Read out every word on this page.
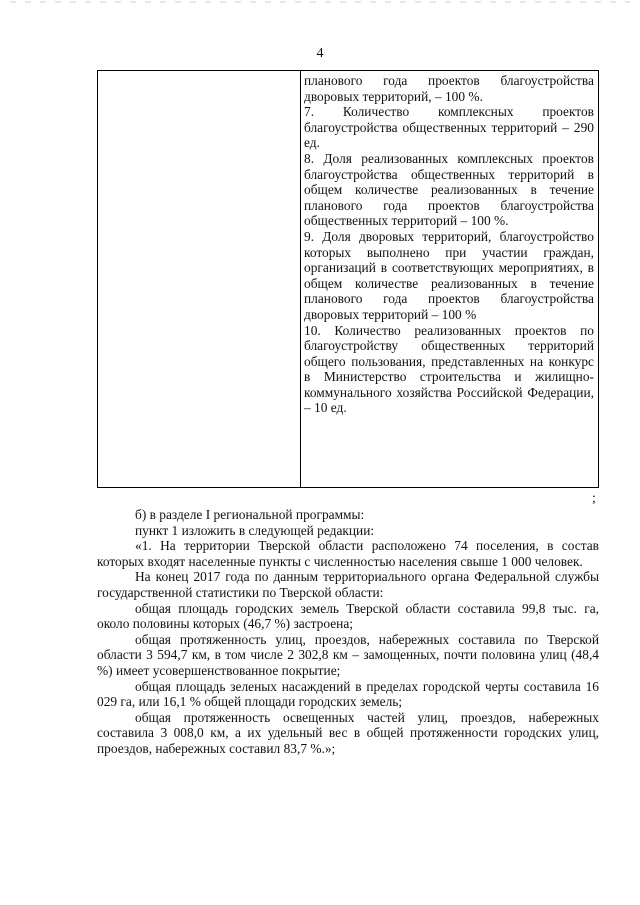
4

планового года проектов благоустройства дворовых территорий, – 100 %.

7. Количество комплексных проектов благоустройства общественных территорий – 290 ед.

8. Доля реализованных комплексных проектов благоустройства общественных территорий в общем количестве реализованных в течение планового года проектов благоустройства общественных территорий – 100 %.

9. Доля дворовых территорий, благоустройство которых выполнено при участии граждан, организаций в соответствующих мероприятиях, в общем количестве реализованных в течение планового года проектов благоустройства дворовых территорий – 100 %

10. Количество реализованных проектов по благоустройству общественных территорий общего пользования, представленных на конкурс в Министерство строительства и жилищно-коммунального хозяйства Российской Федерации, – 10 ед.

;

б) в разделе I региональной программы:

пункт 1 изложить в следующей редакции:

«1. На территории Тверской области расположено 74 поселения, в состав которых входят населенные пункты с численностью населения свыше 1 000 человек.

На конец 2017 года по данным территориального органа Федеральной службы государственной статистики по Тверской области:

общая площадь городских земель Тверской области составила 99,8 тыс. га, около половины которых (46,7 %) застроена;

общая протяженность улиц, проездов, набережных составила по Тверской области 3 594,7 км, в том числе 2 302,8 км – замощенных, почти половина улиц (48,4 %) имеет усовершенствованное покрытие;

общая площадь зеленых насаждений в пределах городской черты составила 16 029 га, или 16,1 % общей площади городских земель;

общая протяженность освещенных частей улиц, проездов, набережных составила 3 008,0 км, а их удельный вес в общей протяженности городских улиц, проездов, набережных составил 83,7 %.»;
